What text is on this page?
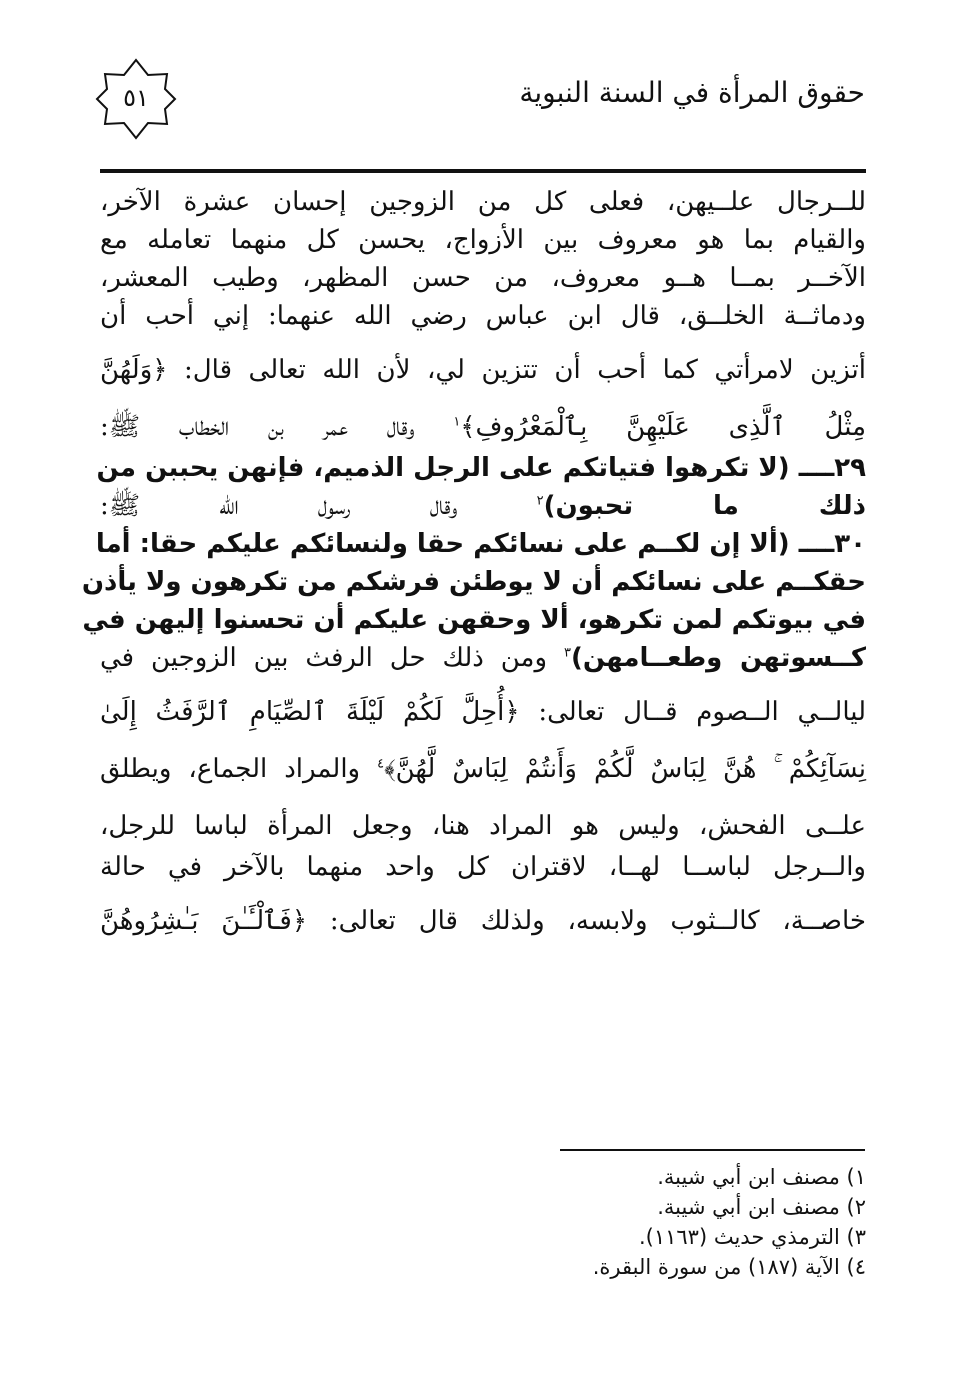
٥١	حقوق المرأة في السنة النبوية
للــرجال علــيهن، فعلى كل من الزوجين إحسان عشرة الآخر،
والقيام بما هو معروف بين الأزواج، يحسن كل منهما تعامله مع
الآخــر بمــا هــو معروف، من حسن المظهر، وطيب المعشر،
ودماثــة الخلــق، قال ابن عباس رضي الله عنهما: إني أحب أن
أتزين لامرأتي كما أحب أن تتزين لي، لأن الله تعالى قال: ﴿وَلَهُنَّ
مِثْلُ ٱلَّذِى عَلَيْهِنَّ بِٱلْمَعْرُوفِ﴾$^١$ وقال عمر بن الخطاب ﷺ:
٢٩ــــ (لا تكرهوا فتياتكم على الرجل الذميم، فإنهن يحببن من
ذلك ما تحبون)$^٢$ وقال رسول الله ﷺ:
٣٠ــــ (ألا إن لكــم على نسائكم حقا ولنسائكم عليكم حقا: أما
حقكــم على نسائكم أن لا يوطئن فرشكم من تكرهون ولا يأذن
في بيوتكم لمن تكرهو، ألا وحقهن عليكم أن تحسنوا إليهن في
كــسوتهن وطعــامهن)$^٣$ ومن ذلك حل الرفث بين الزوجين في
ليالــي الــصوم قــال تعالى: ﴿أُحِلَّ لَكُمْ لَيْلَةَ ٱلصِّيَامِ ٱلرَّفَثُ إِلَىٰ
نِسَآئِكُمْ ۚ هُنَّ لِبَاسٌ لَّكُمْ وَأَنتُمْ لِبَاسٌ لَّهُنَّ﴾$^٤$ والمراد الجماع، ويطلق
علــى الفحش، وليس هو المراد هنا، وجعل المرأة لباسا للرجل،
والــرجل لباســا لهــا، لاقتران كل واحد منهما بالآخر في حالة
خاصــة، كالــثوب ولابسه، ولذلك قال تعالى: ﴿فَٱلْـَٔـٰنَ بَـٰشِرُوهُنَّ
١) مصنف ابن أبي شيبة.
٢) مصنف ابن أبي شيبة.
٣) الترمذي حديث (١١٦٣).
٤) الآية (١٨٧) من سورة البقرة.
